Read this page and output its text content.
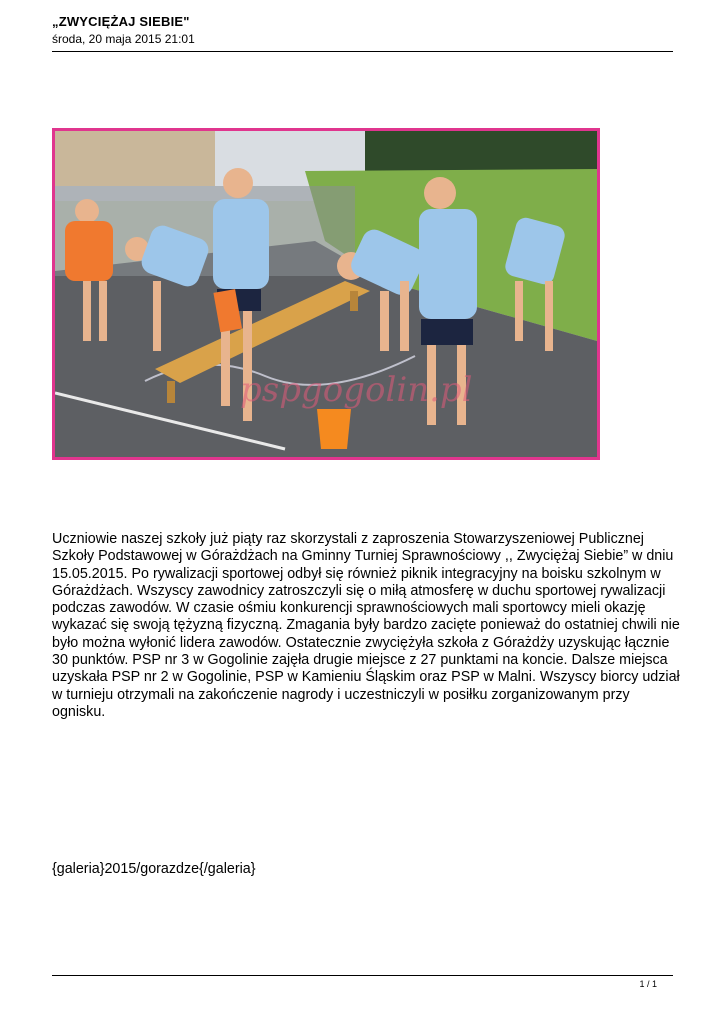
„ZWYCIĘŻAJ SIEBIE"
środa, 20 maja 2015 21:01
pspgogolin.pl

Uczniowie naszej szkoły już piąty raz skorzystali z zaproszenia Stowarzyszeniowej Publicznej Szkoły Podstawowej w Górażdżach na Gminny Turniej Sprawnościowy ,, Zwyciężaj Siebie” w dniu 15.05.2015. Po rywalizacji sportowej odbył się również piknik integracyjny na boisku szkolnym w Górażdżach. Wszyscy zawodnicy zatroszczyli się o miłą atmosferę w duchu sportowej rywalizacji podczas zawodów. W czasie ośmiu konkurencji sprawnościowych mali sportowcy mieli okazję wykazać się swoją tężyzną fizyczną. Zmagania były bardzo zacięte ponieważ do ostatniej chwili nie było można wyłonić lidera zawodów. Ostatecznie zwyciężyła szkoła z Górażdży uzyskując łącznie 30 punktów. PSP nr 3 w Gogolinie zajęła drugie miejsce z 27 punktami na koncie. Dalsze miejsca uzyskała PSP nr 2 w Gogolinie, PSP w Kamieniu Śląskim oraz PSP w Malni. Wszyscy biorcy udział w turnieju otrzymali na zakończenie nagrody i uczestniczyli w posiłku zorganizowanym przy ognisku.

{galeria}2015/gorazdze{/galeria}
1 / 1
